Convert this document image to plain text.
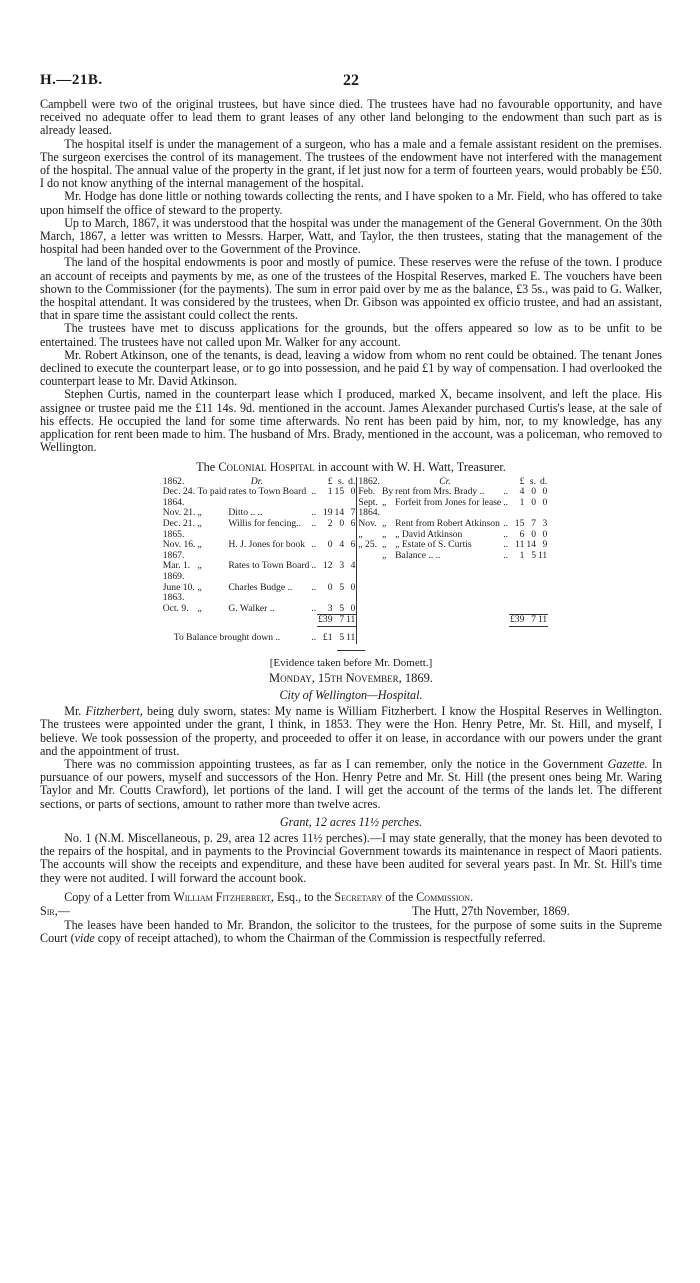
H.—21B.	22

Campbell were two of the original trustees, but have since died. The trustees have had no favourable opportunity, and have received no adequate offer to lead them to grant leases of any other land belonging to the endowment than such part as is already leased.

The hospital itself is under the management of a surgeon, who has a male and a female assistant resident on the premises. The surgeon exercises the control of its management. The trustees of the endowment have not interfered with the management of the hospital. The annual value of the property in the grant, if let just now for a term of fourteen years, would probably be £50. I do not know anything of the internal management of the hospital.

Mr. Hodge has done little or nothing towards collecting the rents, and I have spoken to a Mr. Field, who has offered to take upon himself the office of steward to the property.

Up to March, 1867, it was understood that the hospital was under the management of the General Government. On the 30th March, 1867, a letter was written to Messrs. Harper, Watt, and Taylor, the then trustees, stating that the management of the hospital had been handed over to the Government of the Province.

The land of the hospital endowments is poor and mostly of pumice. These reserves were the refuse of the town. I produce an account of receipts and payments by me, as one of the trustees of the Hospital Reserves, marked E. The vouchers have been shown to the Commissioner (for the payments). The sum in error paid over by me as the balance, £3 5s., was paid to G. Walker, the hospital attendant. It was considered by the trustees, when Dr. Gibson was appointed ex officio trustee, and had an assistant, that in spare time the assistant could collect the rents.

The trustees have met to discuss applications for the grounds, but the offers appeared so low as to be unfit to be entertained. The trustees have not called upon Mr. Walker for any account.

Mr. Robert Atkinson, one of the tenants, is dead, leaving a widow from whom no rent could be obtained. The tenant Jones declined to execute the counterpart lease, or to go into possession, and he paid £1 by way of compensation. I had overlooked the counterpart lease to Mr. David Atkinson.

Stephen Curtis, named in the counterpart lease which I produced, marked X, became insolvent, and left the place. His assignee or trustee paid me the £11 14s. 9d. mentioned in the account. James Alexander purchased Curtis's lease, at the sale of his effects. He occupied the land for some time afterwards. No rent has been paid by him, nor, to my knowledge, has any application for rent been made to him. The husband of Mrs. Brady, mentioned in the account, was a policeman, who removed to Wellington.

The Colonial Hospital in account with W. H. Watt, Treasurer.
1862.	Dr.			£	s.	d.	1862.	Cr.			£	s.	d.
Dec. 24.	To paid	rates to Town Board	..	1	15	0	Feb.	By	rent from Mrs. Brady ..	..	4	0	0
1864.							Sept.	„	Forfeit from Jones for lease	..	1	0	0
Nov. 21.	„	Ditto .. ..	..	19	14	7	1864.						
Dec. 21.	„	Willis for fencing..	..	2	0	6	Nov.	„	Rent from Robert Atkinson	..	15	7	3
1865.							„	„	„ David Atkinson	..	6	0	0
Nov. 16.	„	H. J. Jones for book	..	0	4	6	„ 25.	„	„ Estate of S. Curtis	..	11	14	9
1867.								„	Balance .. ..	..	1	5	11
Mar. 1.	„	Rates to Town Board	..	12	3	4							
1869.													
June 10.	„	Charles Budge ..	..	0	5	0							
1863.													
Oct. 9.	„	G. Walker ..	..	3	5	0							
				£39	7	11					£39	7	11

To Balance brought down ..			..	£1	5	11							

[Evidence taken before Mr. Domett.]

Monday, 15th November, 1869.

City of Wellington—Hospital.

Mr. Fitzherbert, being duly sworn, states: My name is William Fitzherbert. I know the Hospital Reserves in Wellington. The trustees were appointed under the grant, I think, in 1853. They were the Hon. Henry Petre, Mr. St. Hill, and myself, I believe. We took possession of the property, and proceeded to offer it on lease, in accordance with our powers under the grant and the appointment of trust.

There was no commission appointing trustees, as far as I can remember, only the notice in the Government Gazette. In pursuance of our powers, myself and successors of the Hon. Henry Petre and Mr. St. Hill (the present ones being Mr. Waring Taylor and Mr. Coutts Crawford), let portions of the land. I will get the account of the terms of the lands let. The different sections, or parts of sections, amount to rather more than twelve acres.

Grant, 12 acres 11½ perches.

No. 1 (N.M. Miscellaneous, p. 29, area 12 acres 11½ perches).—I may state generally, that the money has been devoted to the repairs of the hospital, and in payments to the Provincial Government towards its maintenance in respect of Maori patients. The accounts will show the receipts and expenditure, and these have been audited for several years past. In Mr. St. Hill's time they were not audited. I will forward the account book.

Copy of a Letter from William Fitzherbert, Esq., to the Secretary of the Commission.

Sir,—	The Hutt, 27th November, 1869.

The leases have been handed to Mr. Brandon, the solicitor to the trustees, for the purpose of some suits in the Supreme Court (vide copy of receipt attached), to whom the Chairman of the Commission is respectfully referred.
